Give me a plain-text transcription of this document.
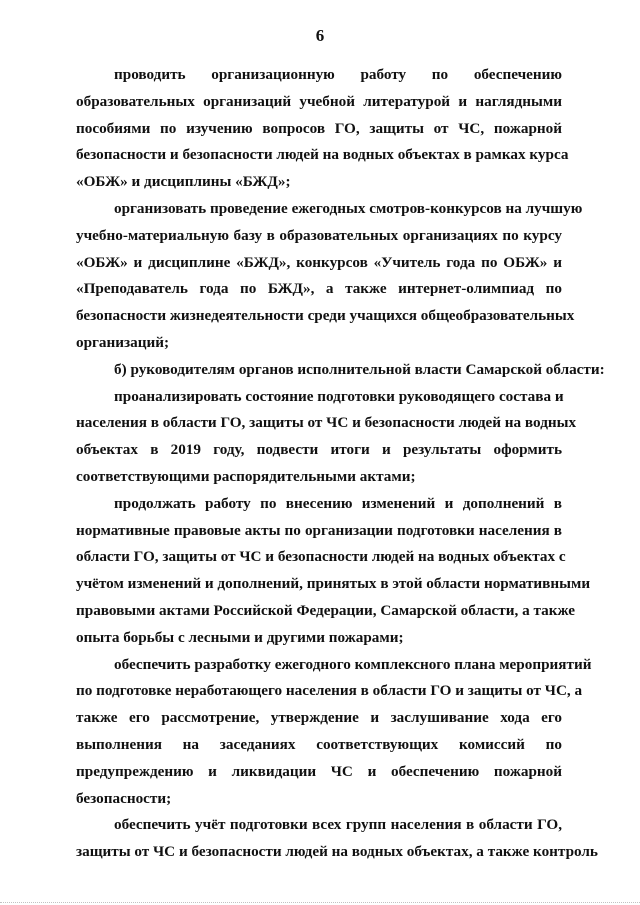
6

проводить организационную работу по обеспечению
образовательных организаций учебной литературой и наглядными
пособиями по изучению вопросов ГО, защиты от ЧС, пожарной
безопасности и безопасности людей на водных объектах в рамках курса
«ОБЖ» и дисциплины «БЖД»;

организовать проведение ежегодных смотров-конкурсов на лучшую
учебно-материальную базу в образовательных организациях по курсу
«ОБЖ» и дисциплине «БЖД», конкурсов «Учитель года по ОБЖ» и
«Преподаватель года по БЖД», а также интернет-олимпиад по
безопасности жизнедеятельности среди учащихся общеобразовательных
организаций;

б) руководителям органов исполнительной власти Самарской области:

проанализировать состояние подготовки руководящего состава и
населения в области ГО, защиты от ЧС и безопасности людей на водных
объектах в 2019 году, подвести итоги и результаты оформить
соответствующими распорядительными актами;

продолжать работу по внесению изменений и дополнений в
нормативные правовые акты по организации подготовки населения в
области ГО, защиты от ЧС и безопасности людей на водных объектах с
учётом изменений и дополнений, принятых в этой области нормативными
правовыми актами Российской Федерации, Самарской области, а также
опыта борьбы с лесными и другими пожарами;

обеспечить разработку ежегодного комплексного плана мероприятий
по подготовке неработающего населения в области ГО и защиты от ЧС, а
также его рассмотрение, утверждение и заслушивание хода его
выполнения на заседаниях соответствующих комиссий по
предупреждению и ликвидации ЧС и обеспечению пожарной
безопасности;

обеспечить учёт подготовки всех групп населения в области ГО,
защиты от ЧС и безопасности людей на водных объектах, а также контроль
